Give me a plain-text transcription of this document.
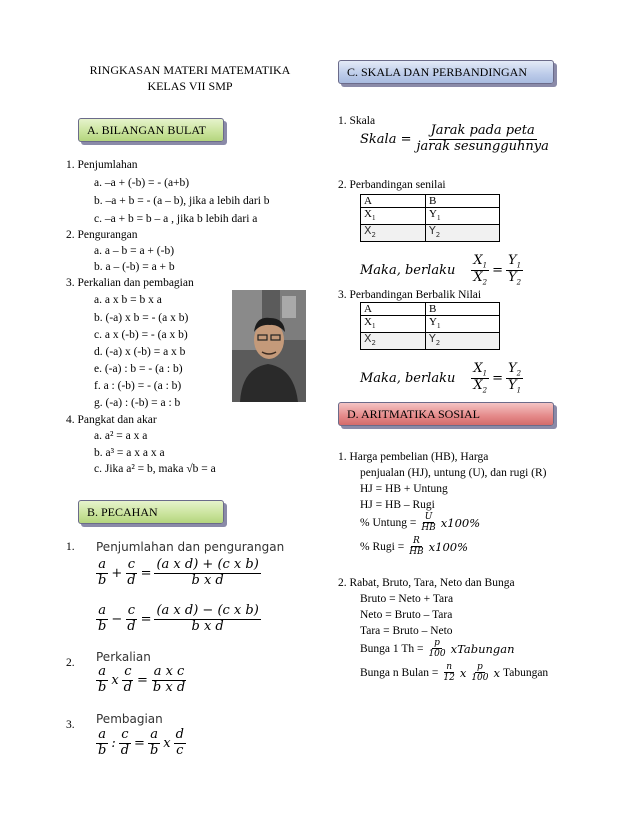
RINGKASAN MATERI MATEMATIKA
KELAS VII SMP
A. BILANGAN BULAT
B. PECAHAN
C. SKALA DAN PERBANDINGAN
D. ARITMATIKA SOSIAL
1. Penjumlahan
a. –a + (-b) = - (a+b)
b. –a + b = - (a – b), jika a lebih dari b
c. –a + b = b – a , jika b lebih dari a
2. Pengurangan
a. a – b = a + (-b)
b. a – (-b) = a + b
3. Perkalian dan pembagian
a. a x b = b x a
b. (-a) x b = - (a x b)
c. a x (-b) = - (a x b)
d. (-a) x (-b) = a x b
e. (-a) : b = - (a : b)
f. a : (-b) = - (a : b)
g. (-a) : (-b) = a : b
4. Pangkat dan akar
a. a² = a x a
b. a³ = a x a x a
c. Jika a² = b, maka √b = a
1. Penjumlahan dan pengurangan
a
$b + \frac{c}{d} = \frac{\text{(a x d) + (c x b)}}{\text{b x d}}$
a
$b - \frac{c}{d} = \frac{\text{(a x d) − (c x b)}}{\text{b x d}}$
2. Perkalian
a
b x $\frac{c}{d} = \frac{\text{a x c}}{\text{b x d}}$
3. Pembagian
a
b : $\frac{c}{d} = \frac{a}{b}$ x
d
c
1. Skala
Skala =
Jarak pada peta
jarak sesungguhnya
2. Perbandingan senilai
A	B
$X_1$	$Y_1$
$X_2$	$Y_2$
Maka, berlaku $\frac{X_1}{X_2} = \frac{Y_1}{Y_2}$
3. Perbandingan Berbalik Nilai
A	B
$X_1$	$Y_1$
$X_2$	$Y_2$
Maka, berlaku $\frac{X_1}{X_2} = \frac{Y_2}{Y_1}$
1. Harga pembelian (HB), Harga
penjualan (HJ), untung (U), dan rugi (R)
HJ = HB + Untung
HJ = HB – Rugi
% Untung = $\frac{U}{HB} x100\%$
% Rugi = $\frac{R}{HB} x100\%$
2. Rabat, Bruto, Tara, Neto dan Bunga
Bruto = Neto + Tara
Neto = Bruto – Tara
Tara = Bruto – Neto
Bunga 1 $Th = \frac{p}{100}$ xTabungan
Bunga n Bulan = $\frac{n}{12}$ x p
100 x Tabungan
